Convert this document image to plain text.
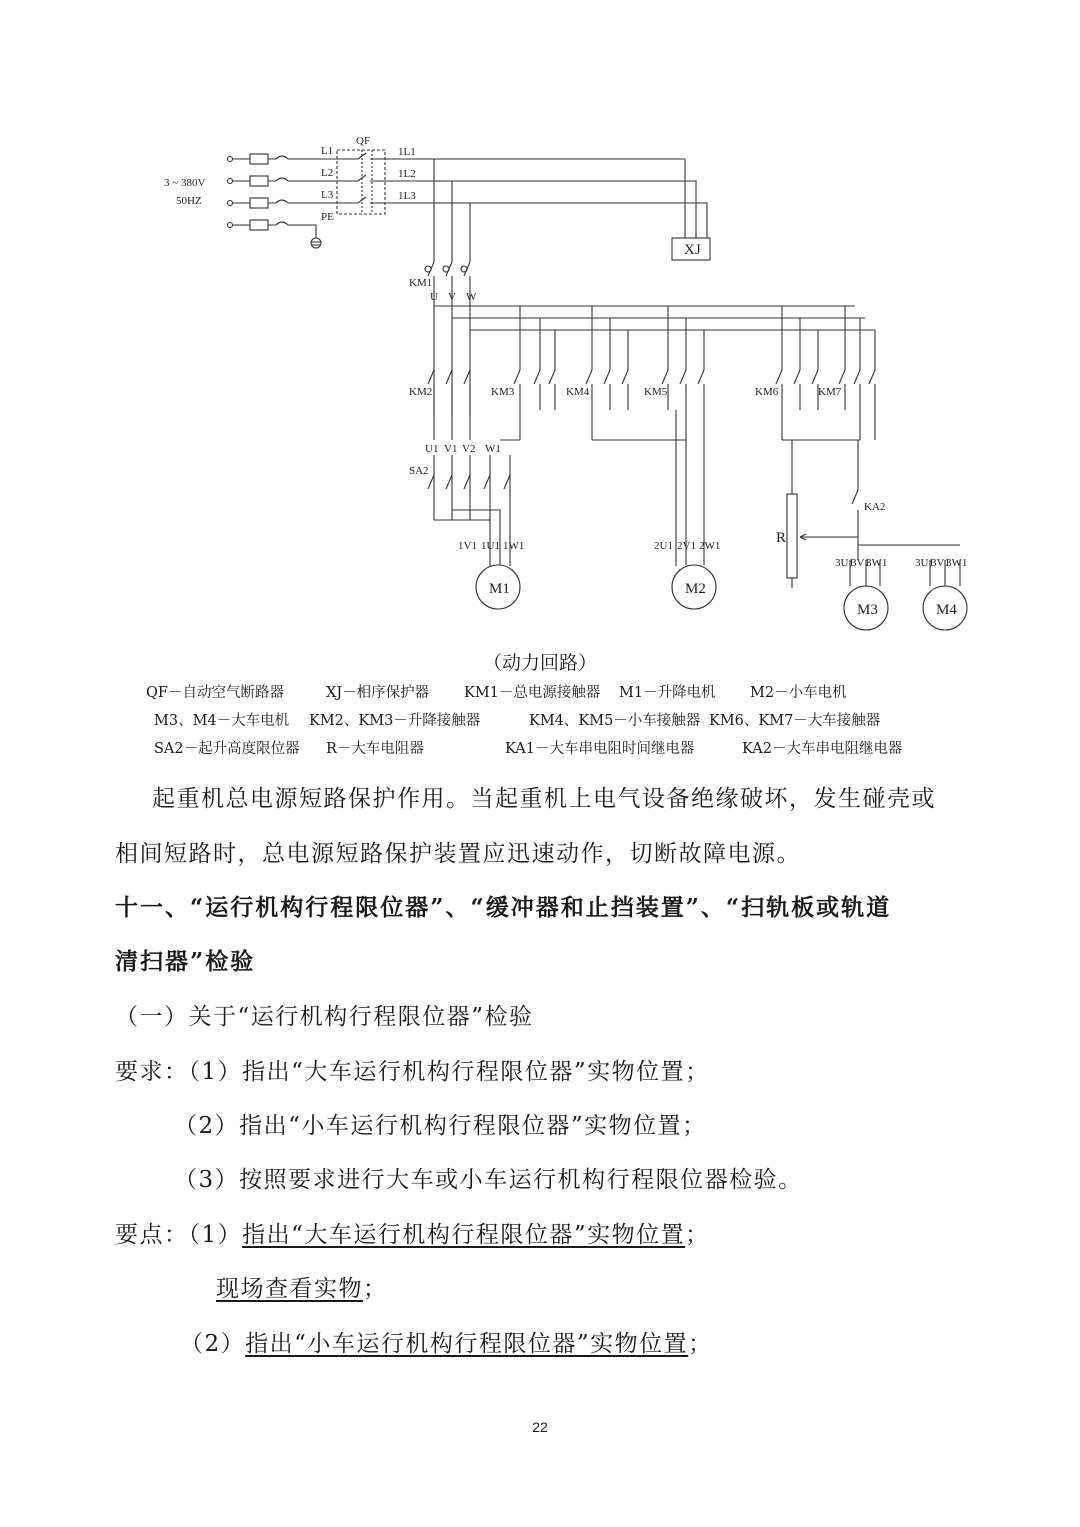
3 ~ 380V
50HZ
QF
L1
L2
L3
PE
1L1
1L2
1L3
XJ
KM1
U V W
KM2	KM3	KM4	KM5	KM6	KM7
U1 V1 V2 W1
SA2
KA2
R
1V1 1U1 1W1	2U1 2V1 2W1
3U1
3V1
3W1	3U1
3V1
3W1
M1	M2
M3	M4
（动力回路）
QF－自动空气断路器	XJ－相序保护器 KM1－总电源接触器 M1－升降电机 M2－小车电机
M3、M4－大车电机 KM2、KM3－升降接触器	KM4、KM5－小车接触器 KM6、KM7－大车接触器
SA2－起升高度限位器 R－大车电阻器	KA1－大车串电阻时间继电器	KA2－大车串电阻继电器
起重机总电源短路保护作用。当起重机上电气设备绝缘破坏，发生碰壳或
相间短路时，总电源短路保护装置应迅速动作，切断故障电源。
十一、“运行机构行程限位器”、“缓冲器和止挡装置”、“扫轨板或轨道
清扫器”检验
（一）关于“运行机构行程限位器”检验
要求：（1）指出“大车运行机构行程限位器”实物位置；
（2）指出“小车运行机构行程限位器”实物位置；
（3）按照要求进行大车或小车运行机构行程限位器检验。
要点：（1）指出“大车运行机构行程限位器”实物位置；
现场查看实物；
（2）指出“小车运行机构行程限位器”实物位置；
22
